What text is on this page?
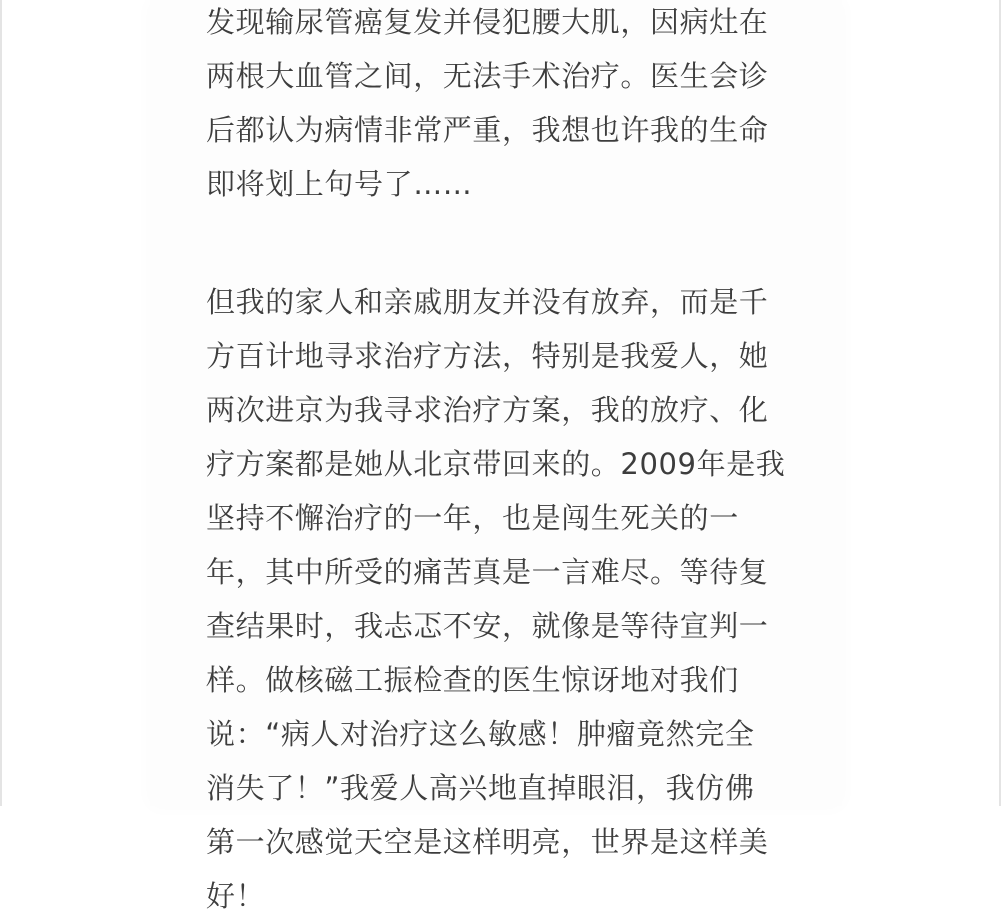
发现输尿管癌复发并侵犯腰大肌，因病灶在
两根大血管之间，无法手术治疗。医生会诊
后都认为病情非常严重，我想也许我的生命
即将划上句号了……
但我的家人和亲戚朋友并没有放弃，而是千
方百计地寻求治疗方法，特别是我爱人，她
两次进京为我寻求治疗方案，我的放疗、化
疗方案都是她从北京带回来的。2009年是我
坚持不懈治疗的一年，也是闯生死关的一
年，其中所受的痛苦真是一言难尽。等待复
查结果时，我忐忑不安，就像是等待宣判一
样。做核磁工振检查的医生惊讶地对我们
说：“病人对治疗这么敏感！肿瘤竟然完全
消失了！”我爱人高兴地直掉眼泪，我仿佛
第一次感觉天空是这样明亮，世界是这样美
好！
